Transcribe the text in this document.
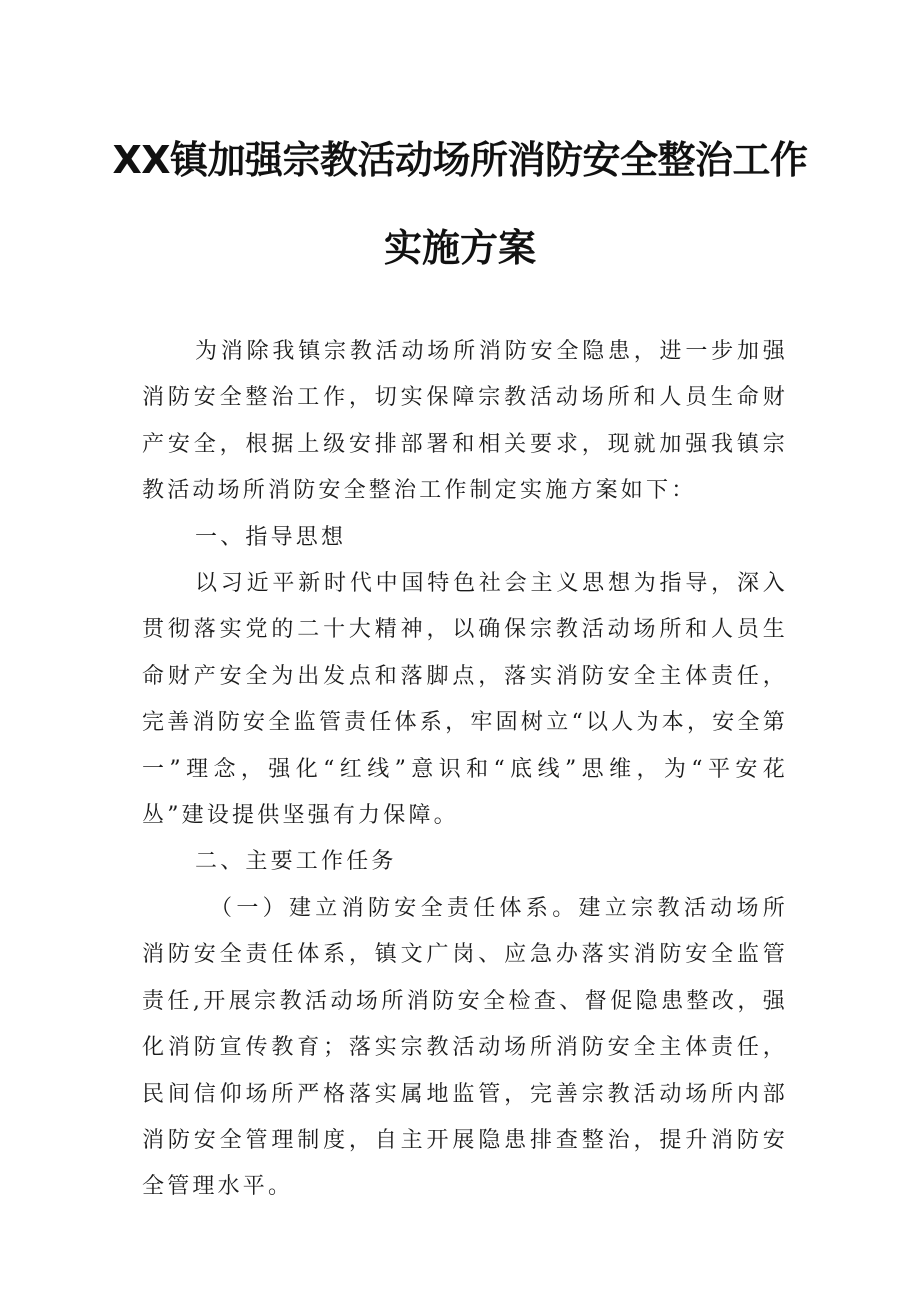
XX镇加强宗教活动场所消防安全整治工作
实施方案

为消除我镇宗教活动场所消防安全隐患，进一步加强消防安全整治工作，切实保障宗教活动场所和人员生命财产安全，根据上级安排部署和相关要求，现就加强我镇宗教活动场所消防安全整治工作制定实施方案如下：

一、指导思想

以习近平新时代中国特色社会主义思想为指导，深入贯彻落实党的二十大精神，以确保宗教活动场所和人员生命财产安全为出发点和落脚点，落实消防安全主体责任，完善消防安全监管责任体系，牢固树立“以人为本，安全第一”理念，强化“红线”意识和“底线”思维，为“平安花丛”建设提供坚强有力保障。

二、主要工作任务

（一）建立消防安全责任体系。建立宗教活动场所消防安全责任体系，镇文广岗、应急办落实消防安全监管责任,开展宗教活动场所消防安全检查、督促隐患整改，强化消防宣传教育；落实宗教活动场所消防安全主体责任，民间信仰场所严格落实属地监管，完善宗教活动场所内部消防安全管理制度，自主开展隐患排查整治，提升消防安全管理水平。
